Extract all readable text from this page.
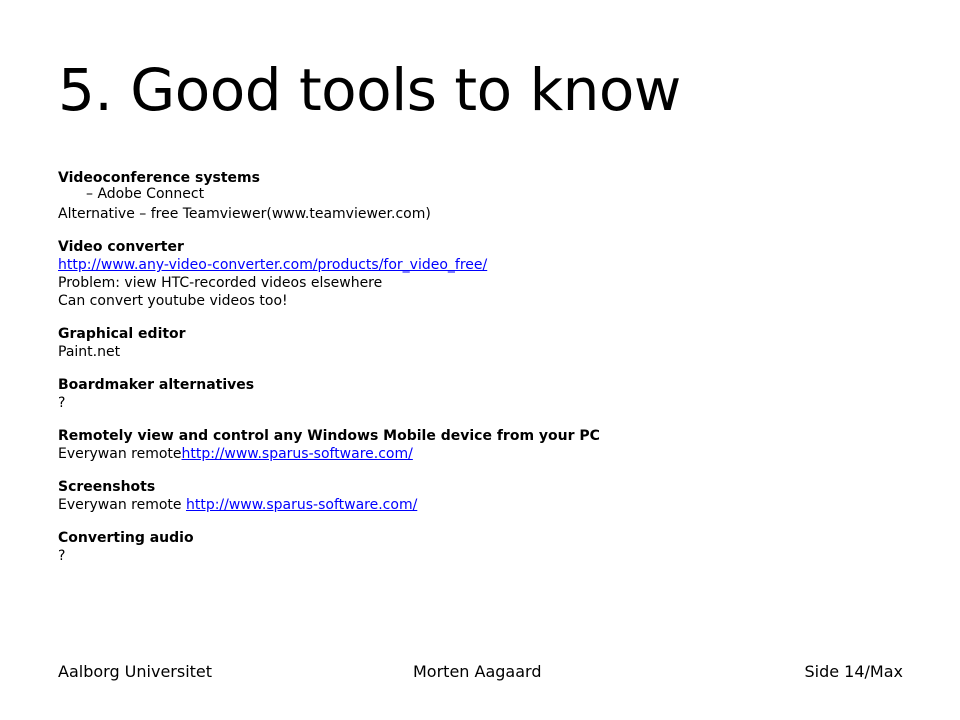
5. Good tools to know
Videoconference systems
– Adobe Connect
Alternative – free Teamviewer(www.teamviewer.com)
Video converter
http://www.any-video-converter.com/products/for_video_free/
Problem: view HTC-recorded videos elsewhere
Can convert youtube videos too!
Graphical editor
Paint.net
Boardmaker alternatives
?
Remotely view and control any Windows Mobile device from your PC
Everywan remotehttp://www.sparus-software.com/
Screenshots
Everywan remote http://www.sparus-software.com/
Converting audio
?
Aalborg Universitet	Morten Aagaard	Side 14/Max
